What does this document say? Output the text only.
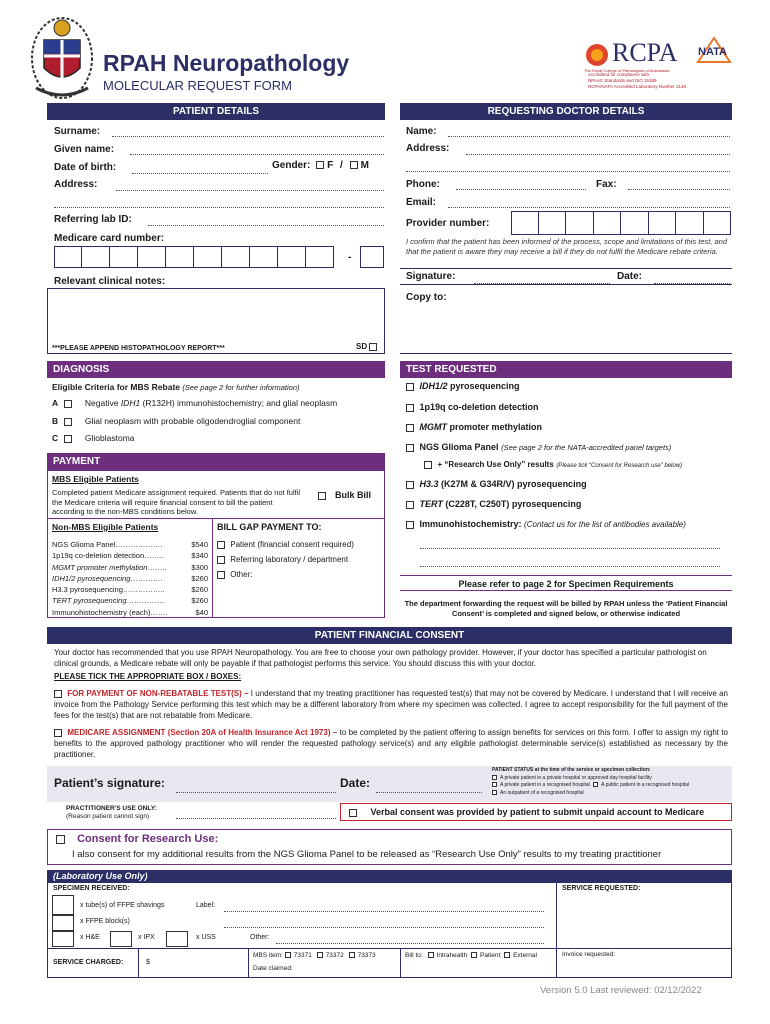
RPAH Neuropathology
MOLECULAR REQUEST FORM
RCPA
The Royal College of Pathologists of Australasia
NATA
Accredited for compliance with
NPAAC Standards and ISO 15189
RCPA/NATA Accredited Laboratory Number 2149
PATIENT DETAILS
Surname:
Given name:
Date of birth:	Gender: F / M
Address:
Referring lab ID:
Medicare card number:
-
Relevant clinical notes:
***PLEASE APPEND HISTOPATHOLOGY REPORT***	SD
REQUESTING DOCTOR DETAILS
Name:
Address:
Phone:	Fax:
Email:
Provider number:
I confirm that the patient has been informed of the process, scope and limitations of this test, and that the patient is aware they may receive a bill if they do not fulfil the Medicare rebate criteria.
Signature:	Date:
Copy to:
DIAGNOSIS
Eligible Criteria for MBS Rebate (See page 2 for further information)
A	Negative IDH1 (R132H) immunohistochemistry; and glial neoplasm
B	Glial neoplasm with probable oligodendroglial component
C	Glioblastoma
PAYMENT
MBS Eligible Patients
Completed patient Medicare assignment required. Patients that do not fulfil the Medicare criteria will require financial consent to bill the patient according to the non-MBS conditions below.
Bulk Bill
Non-MBS Eligible Patients
NGS Glioma Panel ……………….	$540
1p19q co-deletion detection ……..	$340
MGMT promoter methylation ……..	$300
IDH1/2 pyrosequencing ………….	$260
H3.3 pyrosequencing ……………..	$260
TERT pyrosequencing ……………	$260
Immunohistochemistry (each) …….	$40
BILL GAP PAYMENT TO:
Patient (financial consent required)
Referring laboratory / department
Other:
TEST REQUESTED
IDH1/2 pyrosequencing
1p19q co-deletion detection
MGMT promoter methylation
NGS Glioma Panel (See page 2 for the NATA-accredited panel targets)
+ “Research Use Only” results (Please tick “Consent for Research use” below)
H3.3 (K27M & G34R/V) pyrosequencing
TERT (C228T, C250T) pyrosequencing
Immunohistochemistry: (Contact us for the list of antibodies available)
Please refer to page 2 for Specimen Requirements
The department forwarding the request will be billed by RPAH unless the ‘Patient Financial Consent’ is completed and signed below, or otherwise indicated
PATIENT FINANCIAL CONSENT
Your doctor has recommended that you use RPAH Neuropathology. You are free to choose your own pathology provider. However, if your doctor has specified a particular pathologist on clinical grounds, a Medicare rebate will only be payable if that pathologist performs this service. You should discuss this with your doctor.
PLEASE TICK THE APPROPRIATE BOX / BOXES:
FOR PAYMENT OF NON-REBATABLE TEST(S) – I understand that my treating practitioner has requested test(s) that may not be covered by Medicare. I understand that I will receive an invoice from the Pathology Service performing this test which may be a different laboratory from where my specimen was collected. I agree to accept responsibility for the full payment of the fees for the test(s) that are not rebatable from Medicare.
MEDICARE ASSIGNMENT (Section 20A of Health Insurance Act 1973) – to be completed by the patient offering to assign benefits for services on this form. I offer to assign my right to benefits to the approved pathology practitioner who will render the requested pathology service(s) and any eligible pathologist determinable service(s) established as necessary by the practitioner.
Patient’s signature:	Date:
PATIENT STATUS at the time of the service or specimen collection:
A private patient in a private hospital or approved day hospital facility
A private patient in a recognised hospital A public patient in a recognised hospital
An outpatient of a recognised hospital
PRACTITIONER'S USE ONLY:
(Reason patient cannot sign)	Verbal consent was provided by patient to submit unpaid account to Medicare
Consent for Research Use:
I also consent for my additional results from the NGS Glioma Panel to be released as “Research Use Only” results to my treating practitioner
(Laboratory Use Only)
SPECIMEN RECEIVED:	SERVICE REQUESTED:
x tube(s) of FFPE shavings	Label:
x FFPE block(s)
x H&E	x IPX	x USS	Other:
SERVICE CHARGED:	$
MBS item: 73371 73372 73373
Date claimed:
Bill to: Intrahealth Patient External	Invoice requested:
Version 5.0 Last reviewed: 02/12/2022
